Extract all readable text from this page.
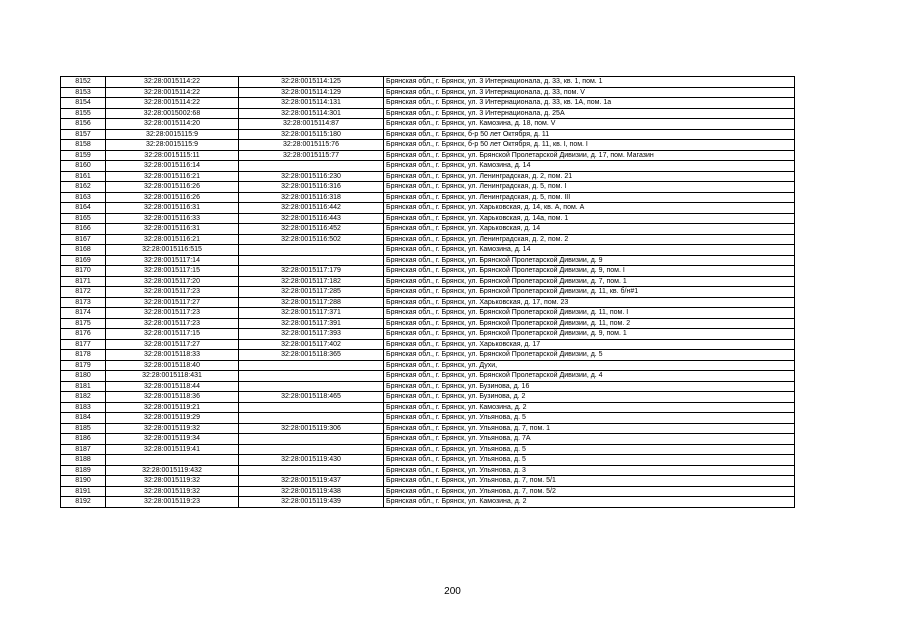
8152	32:28:0015114:22	32:28:0015114:125	Брянская обл., г. Брянск, ул. 3 Интернационала, д. 33, кв. 1, пом. 1
8153	32:28:0015114:22	32:28:0015114:129	Брянская обл., г. Брянск, ул. 3 Интернационала, д. 33, пом. V
8154	32:28:0015114:22	32:28:0015114:131	Брянская обл., г. Брянск, ул. 3 Интернационала, д. 33, кв. 1А, пом. 1а
8155	32:28:0015002:68	32:28:0015114:301	Брянская обл., г. Брянск, ул. 3 Интернационала, д. 25А
8156	32:28:0015114:20	32:28:0015114:87	Брянская обл., г. Брянск, ул. Камозина, д. 18, пом. V
8157	32:28:0015115:9	32:28:0015115:180	Брянская обл., г. Брянск, б-р 50 лет Октября, д. 11
8158	32:28:0015115:9	32:28:0015115:76	Брянская обл., г. Брянск, б-р 50 лет Октября, д. 11, кв. I, пом. I
8159	32:28:0015115:11	32:28:0015115:77	Брянская обл., г. Брянск, ул. Брянской Пролетарской Дивизии, д. 17, пом. Магазин
8160	32:28:0015116:14		Брянская обл., г. Брянск, ул. Камозина, д. 14
8161	32:28:0015116:21	32:28:0015116:230	Брянская обл., г. Брянск, ул. Ленинградская, д. 2, пом. 21
8162	32:28:0015116:26	32:28:0015116:316	Брянская обл., г. Брянск, ул. Ленинградская, д. 5, пом. I
8163	32:28:0015116:26	32:28:0015116:318	Брянская обл., г. Брянск, ул. Ленинградская, д. 5, пом. III
8164	32:28:0015116:31	32:28:0015116:442	Брянская обл., г. Брянск, ул. Харьковская, д. 14, кв. А, пом. А
8165	32:28:0015116:33	32:28:0015116:443	Брянская обл., г. Брянск, ул. Харьковская, д. 14а, пом. 1
8166	32:28:0015116:31	32:28:0015116:452	Брянская обл., г. Брянск, ул. Харьковская, д. 14
8167	32:28:0015116:21	32:28:0015116:502	Брянская обл., г. Брянск, ул. Ленинградская, д. 2, пом. 2
8168	32:28:0015116:515		Брянская обл., г. Брянск, ул. Камозина, д. 14
8169	32:28:0015117:14		Брянская обл., г. Брянск, ул. Брянской Пролетарской Дивизии, д. 9
8170	32:28:0015117:15	32:28:0015117:179	Брянская обл., г. Брянск, ул. Брянской Пролетарской Дивизии, д. 9, пом. I
8171	32:28:0015117:20	32:28:0015117:182	Брянская обл., г. Брянск, ул. Брянской Пролетарской Дивизии, д. 7, пом. 1
8172	32:28:0015117:23	32:28:0015117:285	Брянская обл., г. Брянск, ул. Брянской Пролетарской Дивизии, д. 11, кв. б/н#1
8173	32:28:0015117:27	32:28:0015117:288	Брянская обл., г. Брянск, ул. Харьковская, д. 17, пом. 23
8174	32:28:0015117:23	32:28:0015117:371	Брянская обл., г. Брянск, ул. Брянской Пролетарской Дивизии, д. 11, пом. I
8175	32:28:0015117:23	32:28:0015117:391	Брянская обл., г. Брянск, ул. Брянской Пролетарской Дивизии, д. 11, пом. 2
8176	32:28:0015117:15	32:28:0015117:393	Брянская обл., г. Брянск, ул. Брянской Пролетарской Дивизии, д. 9, пом. 1
8177	32:28:0015117:27	32:28:0015117:402	Брянская обл., г. Брянск, ул. Харьковская, д. 17
8178	32:28:0015118:33	32:28:0015118:365	Брянская обл., г. Брянск, ул. Брянской Пролетарской Дивизии, д. 5
8179	32:28:0015118:40		Брянская обл., г. Брянск, ул. Духи,
8180	32:28:0015118:431		Брянская обл., г. Брянск, ул. Брянской Пролетарской Дивизии, д. 4
8181	32:28:0015118:44		Брянская обл., г. Брянск, ул. Бузинова, д. 16
8182	32:28:0015118:36	32:28:0015118:465	Брянская обл., г. Брянск, ул. Бузинова, д. 2
8183	32:28:0015119:21		Брянская обл., г. Брянск, ул. Камозина, д. 2
8184	32:28:0015119:29		Брянская обл., г. Брянск, ул. Ульянова, д. 5
8185	32:28:0015119:32	32:28:0015119:306	Брянская обл., г. Брянск, ул. Ульянова, д. 7, пом. 1
8186	32:28:0015119:34		Брянская обл., г. Брянск, ул. Ульянова, д. 7А
8187	32:28:0015119:41		Брянская обл., г. Брянск, ул. Ульянова, д. 5
8188		32:28:0015119:430	Брянская обл., г. Брянск, ул. Ульянова, д. 5
8189	32:28:0015119:432		Брянская обл., г. Брянск, ул. Ульянова, д. 3
8190	32:28:0015119:32	32:28:0015119:437	Брянская обл., г. Брянск, ул. Ульянова, д. 7, пом. 5/1
8191	32:28:0015119:32	32:28:0015119:438	Брянская обл., г. Брянск, ул. Ульянова, д. 7, пом. 5/2
8192	32:28:0015119:23	32:28:0015119:439	Брянская обл., г. Брянск, ул. Камозина, д. 2
200
